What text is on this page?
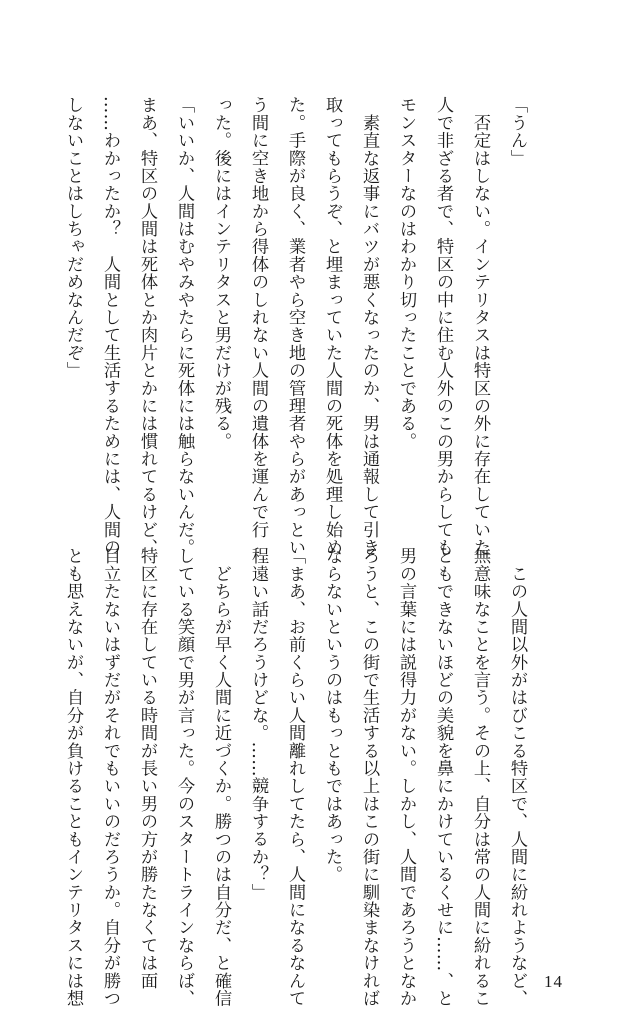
「うん」
　否定はしない。インテリタスは特区の外に存在していた
人で非ざる者で、特区の中に住む人外のこの男からしても
モンスターなのはわかり切ったことである。
　素直な返事にバツが悪くなったのか、男は通報して引き
取ってもらうぞ、と埋まっていた人間の死体を処理し始め
た。手際が良く、業者やら空き地の管理者やらがあっとい
う間に空き地から得体のしれない人間の遺体を運んで行
った。後にはインテリタスと男だけが残る。
「いいか、人間はむやみやたらに死体には触らないんだ。
まあ、特区の人間は死体とか肉片とかには慣れてるけど、
……わかったか？　人間として生活するためには、人間の
しないことはしちゃだめなんだぞ」
　この人間以外がはびこる特区で、人間に紛れようなど、
無意味なことを言う。その上、自分は常の人間に紛れるこ
ともできないほどの美貌を鼻にかけているくせに……、と
男の言葉には説得力がない。しかし、人間であろうとなか
ろうと、この街で生活する以上はこの街に馴染まなければ
ならないというのはもっともではあった。
「まあ、お前くらい人間離れしてたら、人間になるなんて
程遠い話だろうけどな。……競争するか？」
　どちらが早く人間に近づくか。勝つのは自分だ、と確信
している笑顔で男が言った。今のスタートラインならば、
特区に存在している時間が長い男の方が勝たなくては面
目立たないはずだがそれでもいいのだろうか。自分が勝つ
とも思えないが、自分が負けることもインテリタスには想	14
